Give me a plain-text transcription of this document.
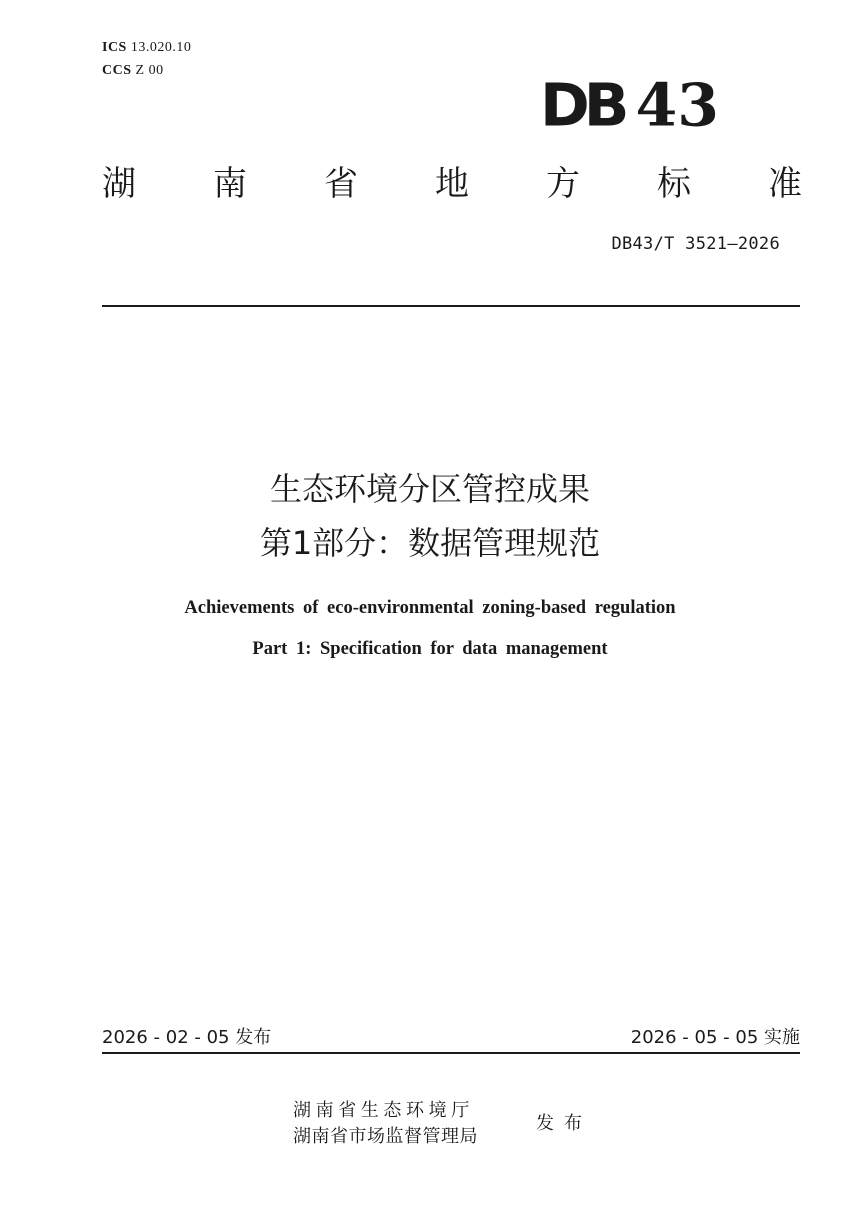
ICS 13.020.10
CCS Z 00
DB 43
湖 南 省 地 方 标 准
DB43/T 3521—2026
生态环境分区管控成果
第1部分：数据管理规范
Achievements of eco-environmental zoning-based regulation
Part 1: Specification for data management
2026 - 02 - 05 发布	2026 - 05 - 05 实施
湖南省生态环境厅
湖南省市场监督管理局
发布
